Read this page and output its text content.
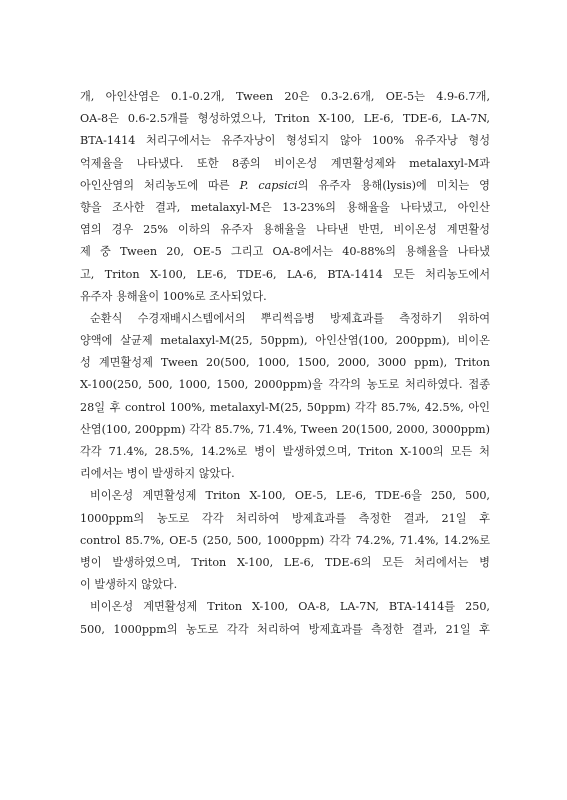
개, 아인산염은 0.1-0.2개, Tween 20은 0.3-2.6개, OE-5는 4.9-6.7개,
OA-8은 0.6-2.5개를 형성하였으나, Triton X-100, LE-6, TDE-6, LA-7N,
BTA-1414 처리구에서는 유주자낭이 형성되지 않아 100% 유주자낭 형성
억제율을 나타냈다. 또한 8종의 비이온성 계면활성제와 metalaxyl-M과
아인산염의 처리농도에 따른 P. capsici의 유주자 용해(lysis)에 미치는 영
향을 조사한 결과, metalaxyl-M은 13-23%의 용해율을 나타냈고, 아인산
염의 경우 25% 이하의 유주자 용해율을 나타낸 반면, 비이온성 계면활성
제 중 Tween 20, OE-5 그리고 OA-8에서는 40-88%의 용해율을 나타냈
고, Triton X-100, LE-6, TDE-6, LA-6, BTA-1414 모든 처리농도에서
유주자 용해율이 100%로 조사되었다.
순환식 수경재배시스템에서의 뿌리썩음병 방제효과를 측정하기 위하여
양액에 살균제 metalaxyl-M(25, 50ppm), 아인산염(100, 200ppm), 비이온
성 계면활성제 Tween 20(500, 1000, 1500, 2000, 3000 ppm), Triton
X-100(250, 500, 1000, 1500, 2000ppm)을 각각의 농도로 처리하였다. 접종
28일 후 control 100%, metalaxyl-M(25, 50ppm) 각각 85.7%, 42.5%, 아인
산염(100, 200ppm) 각각 85.7%, 71.4%, Tween 20(1500, 2000, 3000ppm)
각각 71.4%, 28.5%, 14.2%로 병이 발생하였으며, Triton X-100의 모든 처
리에서는 병이 발생하지 않았다.
비이온성 계면활성제 Triton X-100, OE-5, LE-6, TDE-6을 250, 500,
1000ppm의 농도로 각각 처리하여 방제효과를 측정한 결과, 21일 후
control 85.7%, OE-5 (250, 500, 1000ppm) 각각 74.2%, 71.4%, 14.2%로
병이 발생하였으며, Triton X-100, LE-6, TDE-6의 모든 처리에서는 병
이 발생하지 않았다.
비이온성 계면활성제 Triton X-100, OA-8, LA-7N, BTA-1414를 250,
500, 1000ppm의 농도로 각각 처리하여 방제효과를 측정한 결과, 21일 후
